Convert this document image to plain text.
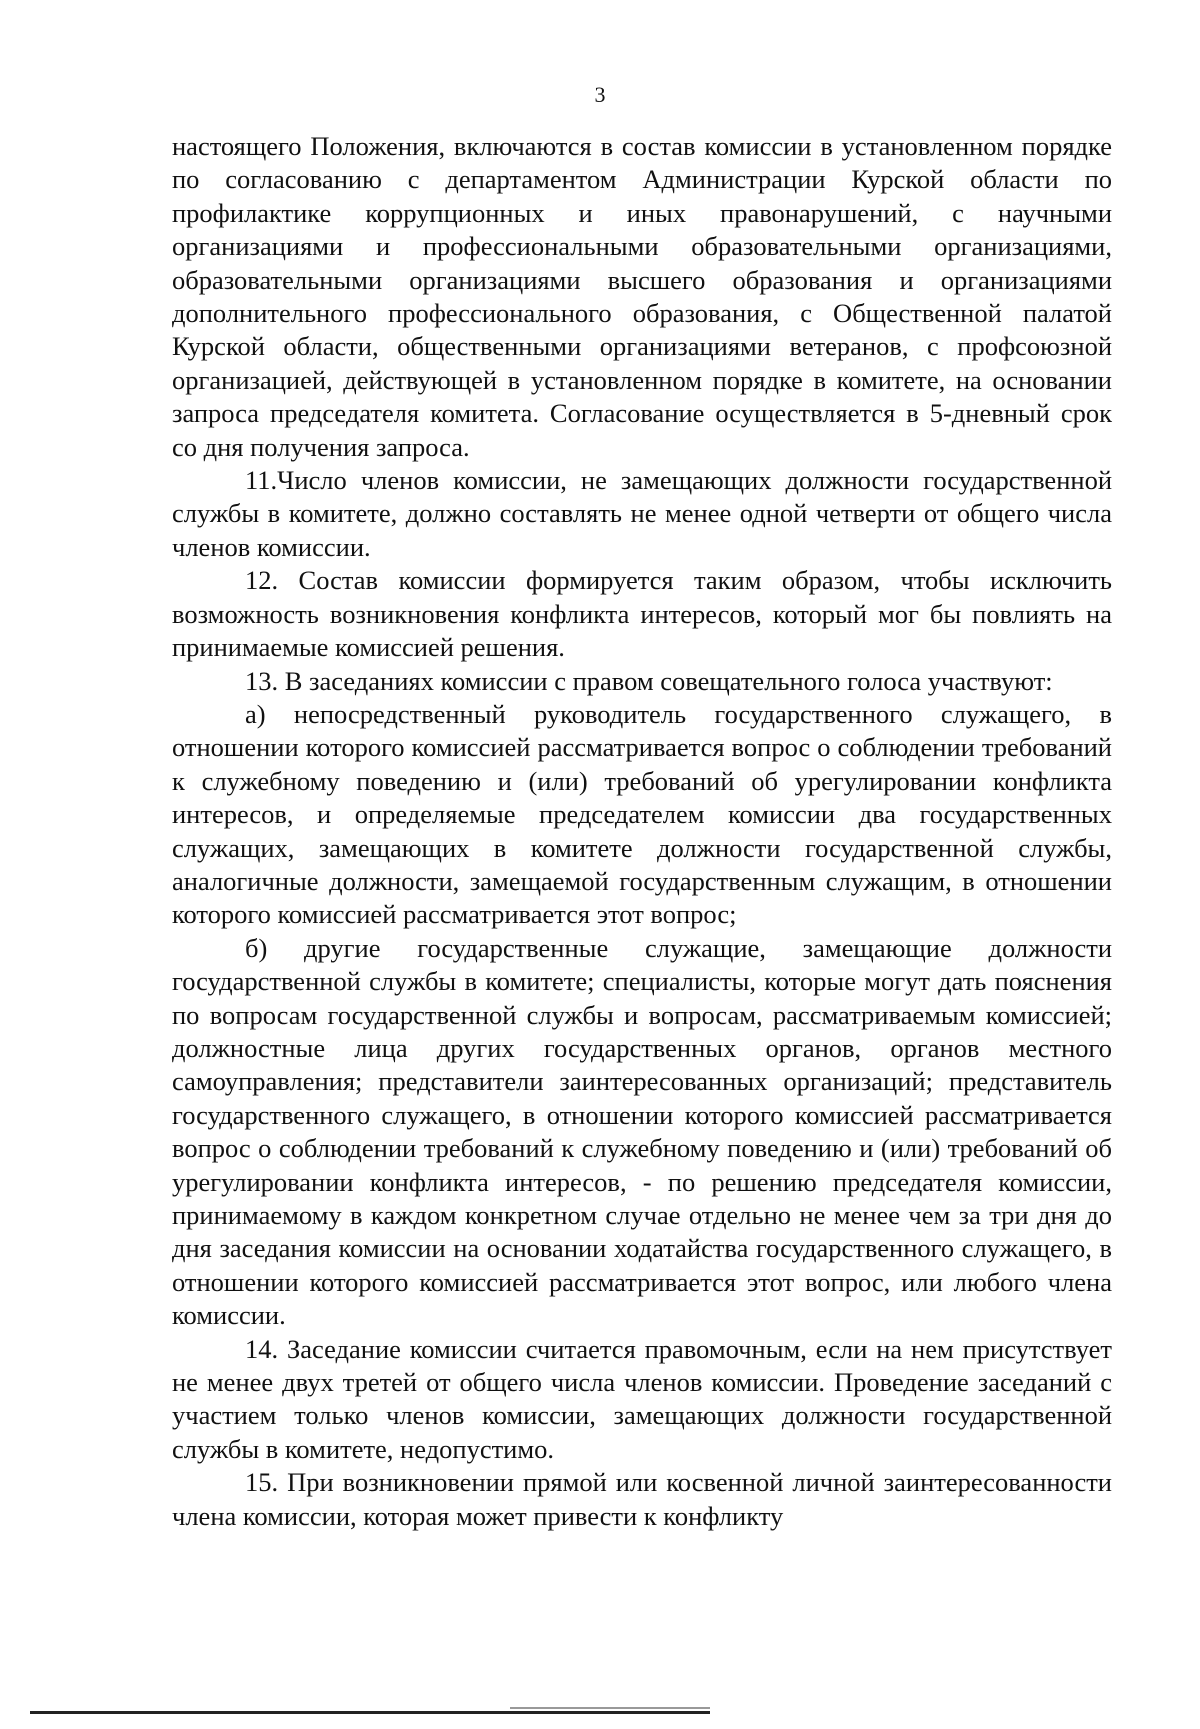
3

настоящего Положения, включаются в состав комиссии в установленном порядке по согласованию с департаментом Администрации Курской области по профилактике коррупционных и иных правонарушений, с научными организациями и профессиональными образовательными организациями, образовательными организациями высшего образования и организациями дополнительного профессионального образования, с Общественной палатой Курской области, общественными организациями ветеранов, с профсоюзной организацией, действующей в установленном порядке в комитете, на основании запроса председателя комитета. Согласование осуществляется в 5-дневный срок со дня получения запроса.

11.Число членов комиссии, не замещающих должности государственной службы в комитете, должно составлять не менее одной четверти от общего числа членов комиссии.

12. Состав комиссии формируется таким образом, чтобы исключить возможность возникновения конфликта интересов, который мог бы повлиять на принимаемые комиссией решения.

13. В заседаниях комиссии с правом совещательного голоса участвуют:

а) непосредственный руководитель государственного служащего, в отношении которого комиссией рассматривается вопрос о соблюдении требований к служебному поведению и (или) требований об урегулировании конфликта интересов, и определяемые председателем комиссии два государственных служащих, замещающих в комитете должности государственной службы, аналогичные должности, замещаемой государственным служащим, в отношении которого комиссией рассматривается этот вопрос;

б) другие государственные служащие, замещающие должности государственной службы в комитете; специалисты, которые могут дать пояснения по вопросам государственной службы и вопросам, рассматриваемым комиссией; должностные лица других государственных органов, органов местного самоуправления; представители заинтересованных организаций; представитель государственного служащего, в отношении которого комиссией рассматривается вопрос о соблюдении требований к служебному поведению и (или) требований об урегулировании конфликта интересов, - по решению председателя комиссии, принимаемому в каждом конкретном случае отдельно не менее чем за три дня до дня заседания комиссии на основании ходатайства государственного служащего, в отношении которого комиссией рассматривается этот вопрос, или любого члена комиссии.

14. Заседание комиссии считается правомочным, если на нем присутствует не менее двух третей от общего числа членов комиссии. Проведение заседаний с участием только членов комиссии, замещающих должности государственной службы в комитете, недопустимо.

15. При возникновении прямой или косвенной личной заинтересованности члена комиссии, которая может привести к конфликту
